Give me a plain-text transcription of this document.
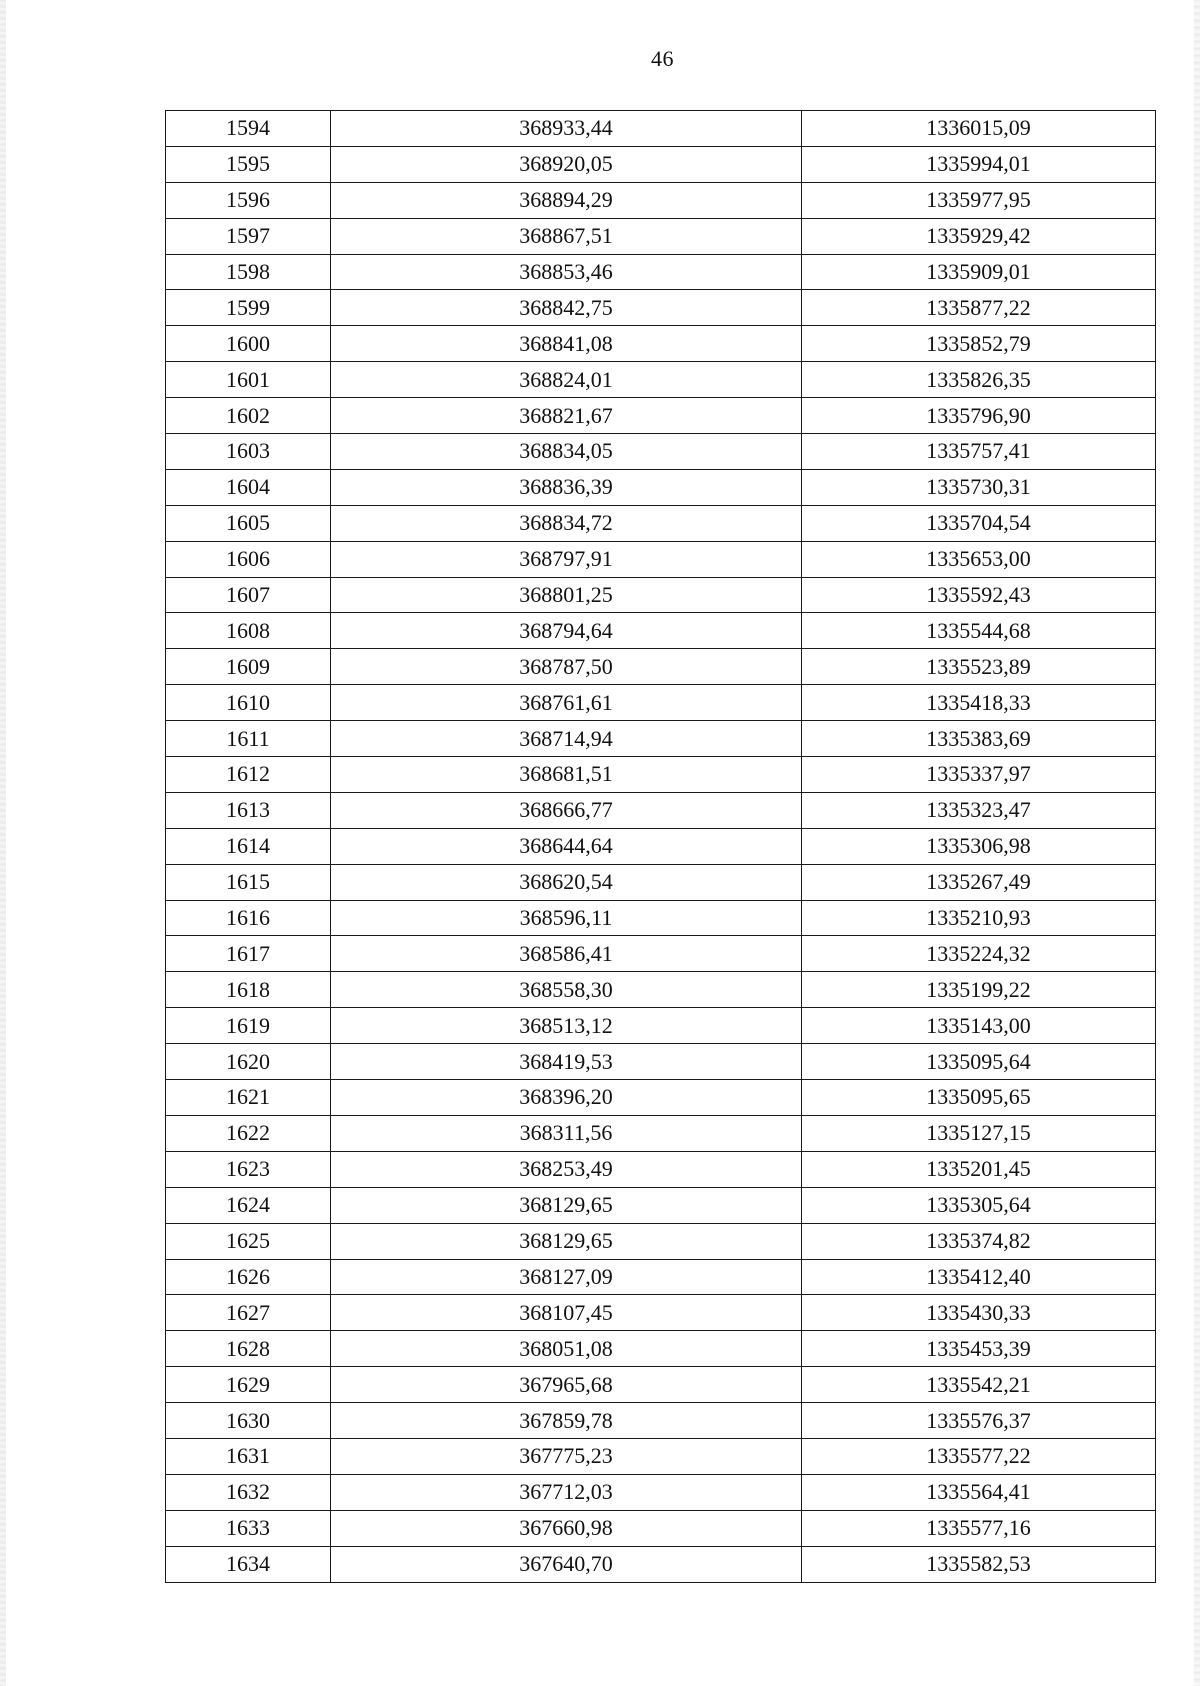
46
1594	368933,44	1336015,09
1595	368920,05	1335994,01
1596	368894,29	1335977,95
1597	368867,51	1335929,42
1598	368853,46	1335909,01
1599	368842,75	1335877,22
1600	368841,08	1335852,79
1601	368824,01	1335826,35
1602	368821,67	1335796,90
1603	368834,05	1335757,41
1604	368836,39	1335730,31
1605	368834,72	1335704,54
1606	368797,91	1335653,00
1607	368801,25	1335592,43
1608	368794,64	1335544,68
1609	368787,50	1335523,89
1610	368761,61	1335418,33
1611	368714,94	1335383,69
1612	368681,51	1335337,97
1613	368666,77	1335323,47
1614	368644,64	1335306,98
1615	368620,54	1335267,49
1616	368596,11	1335210,93
1617	368586,41	1335224,32
1618	368558,30	1335199,22
1619	368513,12	1335143,00
1620	368419,53	1335095,64
1621	368396,20	1335095,65
1622	368311,56	1335127,15
1623	368253,49	1335201,45
1624	368129,65	1335305,64
1625	368129,65	1335374,82
1626	368127,09	1335412,40
1627	368107,45	1335430,33
1628	368051,08	1335453,39
1629	367965,68	1335542,21
1630	367859,78	1335576,37
1631	367775,23	1335577,22
1632	367712,03	1335564,41
1633	367660,98	1335577,16
1634	367640,70	1335582,53
